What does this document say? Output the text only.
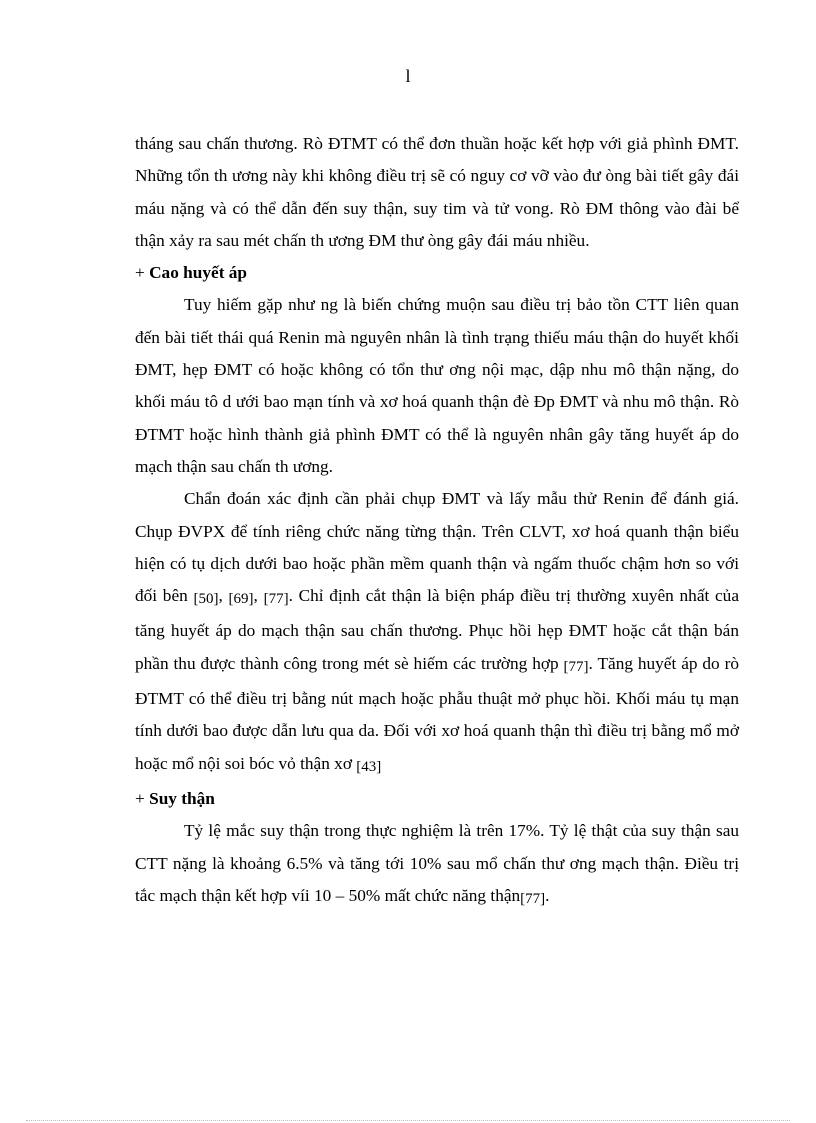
l

tháng sau chấn thương. Rò ĐTMT có thể đơn thuần hoặc kết hợp với giả phình ĐMT. Những tổn th ương này khi không điều trị sẽ có nguy cơ vỡ vào đư òng bài tiết gây đái máu nặng và có thể dẫn đến suy thận, suy tim và tử vong. Rò ĐM thông vào đài bể thận xảy ra sau mét chấn th ương ĐM thư òng gây đái máu nhiều.

+ Cao huyết áp

Tuy hiếm gặp như ng là biến chứng muộn sau điều trị bảo tồn CTT liên quan đến bài tiết thái quá Renin mà nguyên nhân là tình trạng thiếu máu thận do huyết khối ĐMT, hẹp ĐMT có hoặc không có tổn thư ơng nội mạc, dập nhu mô thận nặng, do khối máu tô d ưới bao mạn tính và xơ hoá quanh thận đè Ðp ĐMT và nhu mô thận. Rò ĐTMT hoặc hình thành giả phình ĐMT có thể là nguyên nhân gây tăng huyết áp do mạch thận sau chấn th ương.

Chẩn đoán xác định cần phải chụp ĐMT và lấy mẫu thử Renin để đánh giá. Chụp ĐVPX để tính riêng chức năng từng thận. Trên CLVT, xơ hoá quanh thận biểu hiện có tụ dịch dưới bao hoặc phần mềm quanh thận và ngấm thuốc chậm hơn so với đối bên [50], [69], [77]. Chỉ định cắt thận là biện pháp điều trị thường xuyên nhất của tăng huyết áp do mạch thận sau chấn thương. Phục hồi hẹp ĐMT hoặc cắt thận bán phần thu được thành công trong mét sè hiếm các trường hợp [77]. Tăng huyết áp do rò ĐTMT có thể điều trị bằng nút mạch hoặc phẫu thuật mở phục hồi. Khối máu tụ mạn tính dưới bao được dẫn lưu qua da. Đối với xơ hoá quanh thận thì điều trị bằng mổ mở hoặc mổ nội soi bóc vỏ thận xơ [43]

+ Suy thận

Tỷ lệ mắc suy thận trong thực nghiệm là trên 17%. Tỷ lệ thật của suy thận sau CTT nặng là khoảng 6.5% và tăng tới 10% sau mổ chấn thư ơng mạch thận. Điều trị tắc mạch thận kết hợp víi 10 – 50% mất chức năng thận[77].
